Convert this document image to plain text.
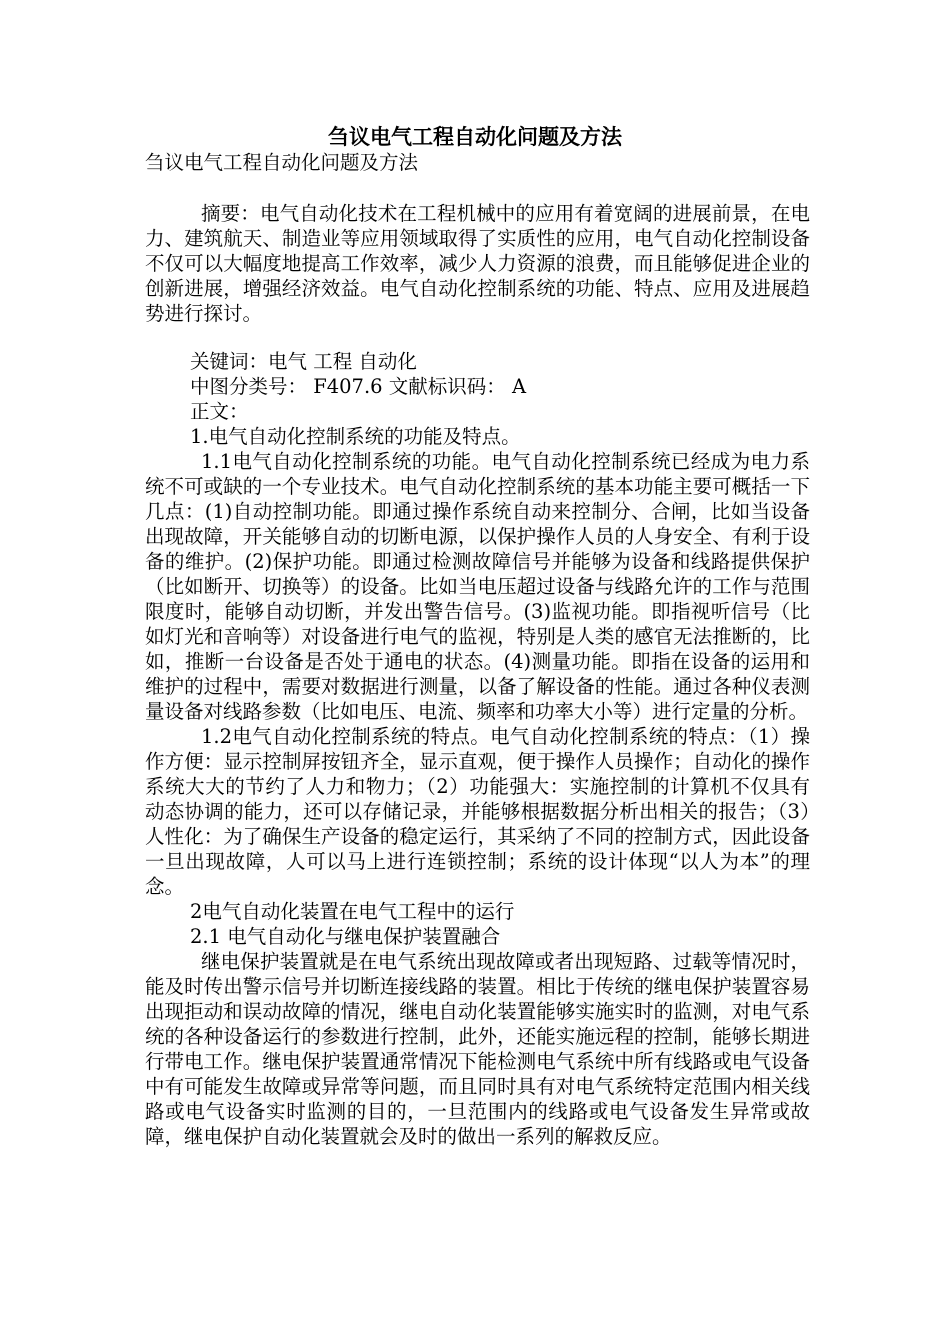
刍议电气工程自动化问题及方法

刍议电气工程自动化问题及方法

摘要：电气自动化技术在工程机械中的应用有着宽阔的进展前景，在电力、建筑航天、制造业等应用领域取得了实质性的应用，电气自动化控制设备不仅可以大幅度地提高工作效率，减少人力资源的浪费，而且能够促进企业的创新进展，增强经济效益。电气自动化控制系统的功能、特点、应用及进展趋势进行探讨。

关键词：电气 工程 自动化

中图分类号： F407.6 文献标识码： A

正文：

1.电气自动化控制系统的功能及特点。

1.1电气自动化控制系统的功能。电气自动化控制系统已经成为电力系统不可或缺的一个专业技术。电气自动化控制系统的基本功能主要可概括一下几点：(1)自动控制功能。即通过操作系统自动来控制分、合闸，比如当设备出现故障，开关能够自动的切断电源，以保护操作人员的人身安全、有利于设备的维护。(2)保护功能。即通过检测故障信号并能够为设备和线路提供保护（比如断开、切换等）的设备。比如当电压超过设备与线路允许的工作与范围限度时，能够自动切断，并发出警告信号。(3)监视功能。即指视听信号（比如灯光和音响等）对设备进行电气的监视，特别是人类的感官无法推断的，比如，推断一台设备是否处于通电的状态。(4)测量功能。即指在设备的运用和维护的过程中，需要对数据进行测量，以备了解设备的性能。通过各种仪表测量设备对线路参数（比如电压、电流、频率和功率大小等）进行定量的分析。

1.2电气自动化控制系统的特点。电气自动化控制系统的特点：（1）操作方便：显示控制屏按钮齐全，显示直观，便于操作人员操作；自动化的操作系统大大的节约了人力和物力；（2）功能强大：实施控制的计算机不仅具有动态协调的能力，还可以存储记录，并能够根据数据分析出相关的报告；（3）人性化：为了确保生产设备的稳定运行，其采纳了不同的控制方式，因此设备一旦出现故障，人可以马上进行连锁控制；系统的设计体现“以人为本”的理念。

2电气自动化装置在电气工程中的运行

2.1 电气自动化与继电保护装置融合

继电保护装置就是在电气系统出现故障或者出现短路、过载等情况时，能及时传出警示信号并切断连接线路的装置。相比于传统的继电保护装置容易出现拒动和误动故障的情况，继电自动化装置能够实施实时的监测，对电气系统的各种设备运行的参数进行控制，此外，还能实施远程的控制，能够长期进行带电工作。继电保护装置通常情况下能检测电气系统中所有线路或电气设备中有可能发生故障或异常等问题，而且同时具有对电气系统特定范围内相关线路或电气设备实时监测的目的，一旦范围内的线路或电气设备发生异常或故障，继电保护自动化装置就会及时的做出一系列的解救反应。
